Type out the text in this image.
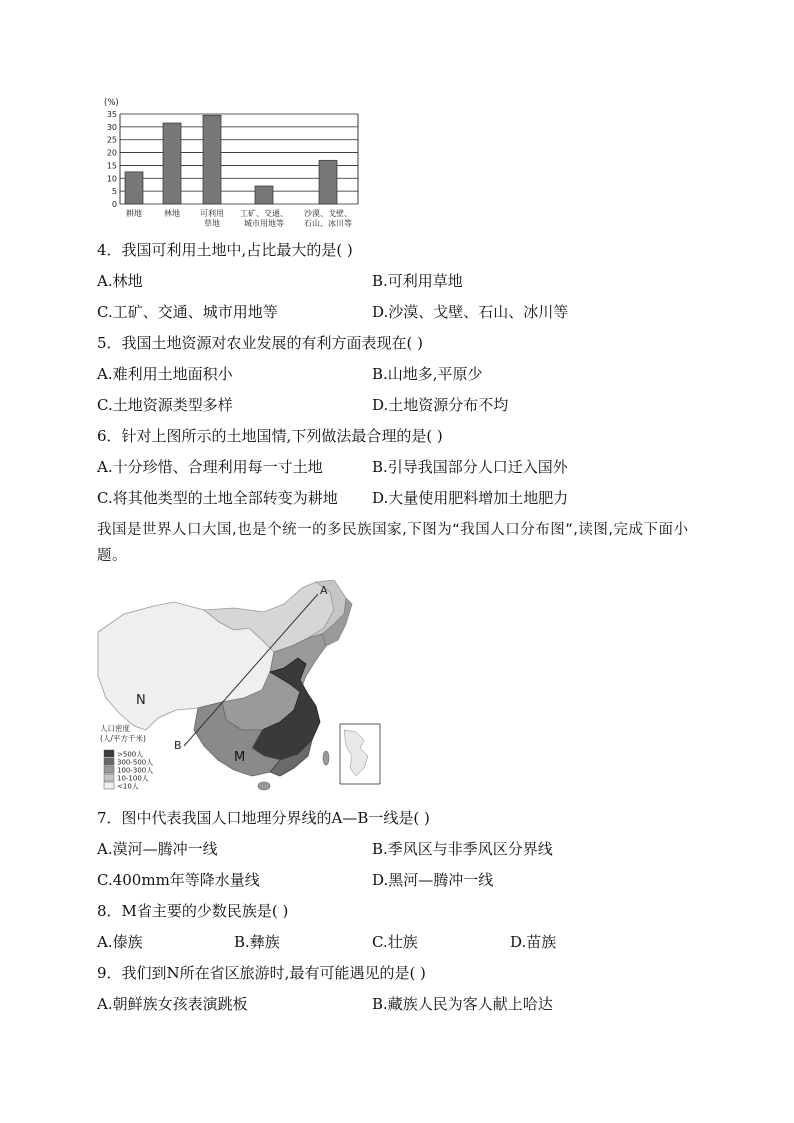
(%)
0
5
10
15
20
25
30
35
耕地	林地	可利用
草地
工矿、交通、
城市用地等
沙漠、戈壁、
石山、冰川等
4．我国可利用土地中,占比最大的是( )
A.林地	B.可利用草地
C.工矿、交通、城市用地等	D.沙漠、戈壁、石山、冰川等
5．我国土地资源对农业发展的有利方面表现在( )
A.难利用土地面积小	B.山地多,平原少
C.土地资源类型多样	D.土地资源分布不均
6．针对上图所示的土地国情,下列做法最合理的是( )
A.十分珍惜、合理利用每一寸土地	B.引导我国部分人口迁入国外
C.将其他类型的土地全部转变为耕地 D.大量使用肥料增加土地肥力
我国是世界人口大国,也是个统一的多民族国家,下图为“我国人口分布图”,读图,完成下面小题。
A
B
N
M
人口密度
(人/平方千米)
>500人
300-500人
100-300人
10-100人
<10人
7．图中代表我国人口地理分界线的A—B一线是( )
A.漠河—腾冲一线	B.季风区与非季风区分界线
C.400mm年等降水量线	D.黑河—腾冲一线
8．M省主要的少数民族是( )
A.傣族	B.彝族	C.壮族	D.苗族
9．我们到N所在省区旅游时,最有可能遇见的是( )
A.朝鲜族女孩表演跳板	B.藏族人民为客人献上哈达
